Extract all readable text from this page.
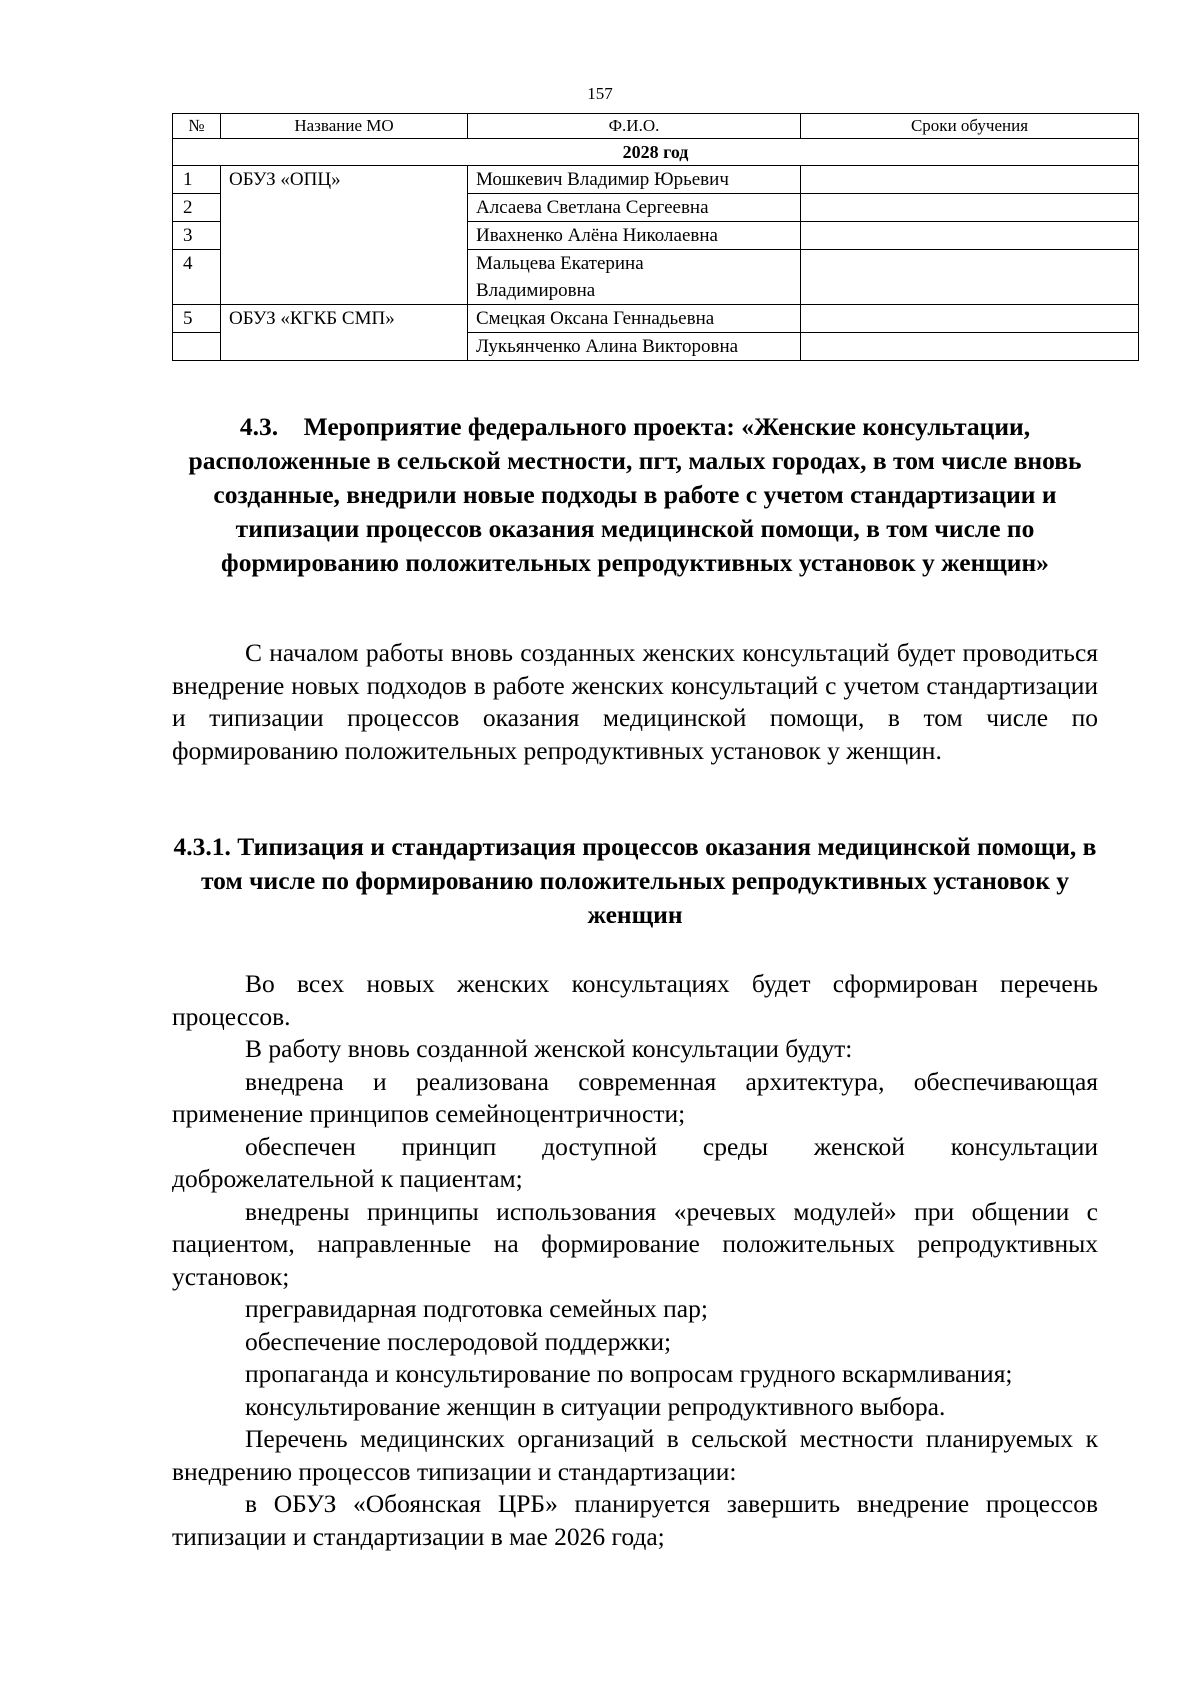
157
№	Название МО	Ф.И.О.	Сроки обучения
2028 год			
1	ОБУЗ «ОПЦ»	Мошкевич Владимир Юрьевич	
2		Алсаева Светлана Сергеевна	
3		Ивахненко Алёна Николаевна	
4		Мальцева Екатерина Владимировна	
5	ОБУЗ «КГКБ СМП»	Смецкая Оксана Геннадьевна	
		Лукьянченко Алина Викторовна	
4.3.    Мероприятие федерального проекта: «Женские консультации, расположенные в сельской местности, пгт, малых городах, в том числе вновь созданные, внедрили новые подходы в работе с учетом стандартизации и типизации процессов оказания медицинской помощи, в том числе по формированию положительных репродуктивных установок у женщин»

С началом работы вновь созданных женских консультаций будет проводиться внедрение новых подходов в работе женских консультаций с учетом стандартизации и типизации процессов оказания медицинской помощи, в том числе по формированию положительных репродуктивных установок у женщин.

4.3.1. Типизация и стандартизация процессов оказания медицинской помощи, в том числе по формированию положительных репродуктивных установок у женщин

Во всех новых женских консультациях будет сформирован перечень процессов.

В работу вновь созданной женской консультации будут:

внедрена и реализована современная архитектура, обеспечивающая применение принципов семейноцентричности;

обеспечен принцип доступной среды женской консультации доброжелательной к пациентам;

внедрены принципы использования «речевых модулей» при общении с пациентом, направленные на формирование положительных репродуктивных установок;

прегравидарная подготовка семейных пар;

обеспечение послеродовой поддержки;

пропаганда и консультирование по вопросам грудного вскармливания;

консультирование женщин в ситуации репродуктивного выбора.

Перечень медицинских организаций в сельской местности планируемых к внедрению процессов типизации и стандартизации:

в ОБУЗ «Обоянская ЦРБ» планируется завершить внедрение процессов типизации и стандартизации в мае 2026 года;
